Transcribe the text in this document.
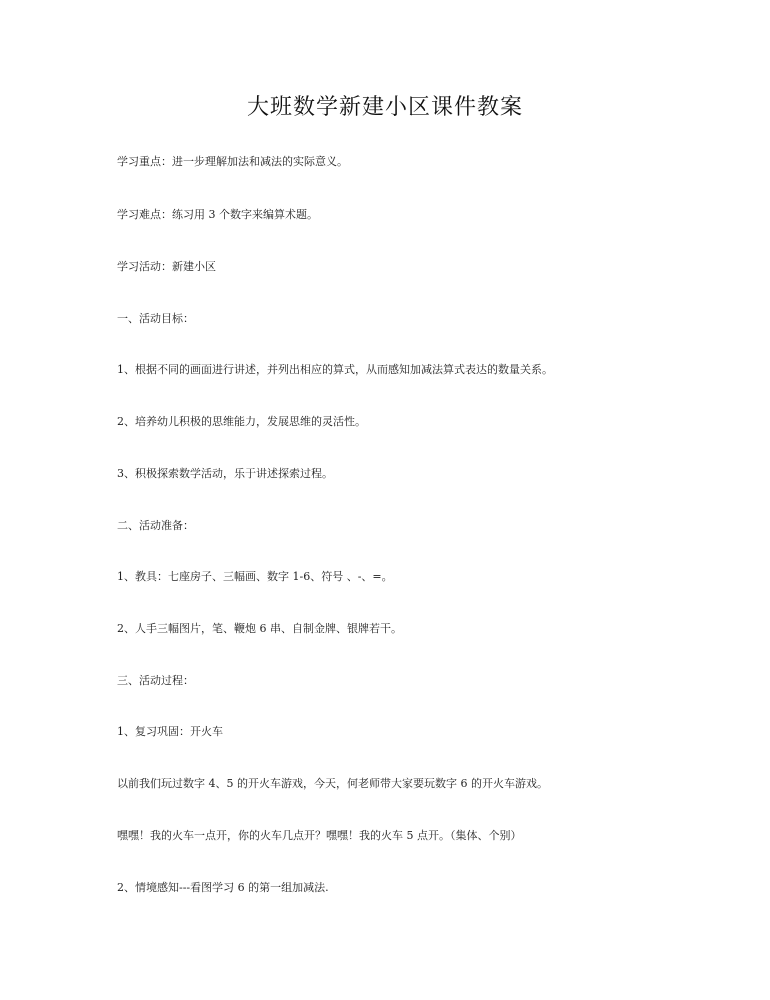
大班数学新建小区课件教案
学习重点：进一步理解加法和减法的实际意义。
学习难点：练习用 3 个数字来编算术题。
学习活动：新建小区
一、活动目标：
1、根据不同的画面进行讲述，并列出相应的算式，从而感知加减法算式表达的数量关系。
2、培养幼儿积极的思维能力，发展思维的灵活性。
3、积极探索数学活动，乐于讲述探索过程。
二、活动准备：
1、教具：七座房子、三幅画、数字 1-6、符号 、-、=。
2、人手三幅图片，笔、鞭炮 6 串、自制金牌、银牌若干。
三、活动过程：
1、复习巩固：开火车
以前我们玩过数字 4、5 的开火车游戏，今天，何老师带大家要玩数字 6 的开火车游戏。
嘿嘿！我的火车一点开，你的火车几点开？嘿嘿！我的火车 5 点开。（集体、个别）
2、情境感知---看图学习 6 的第一组加减法.
